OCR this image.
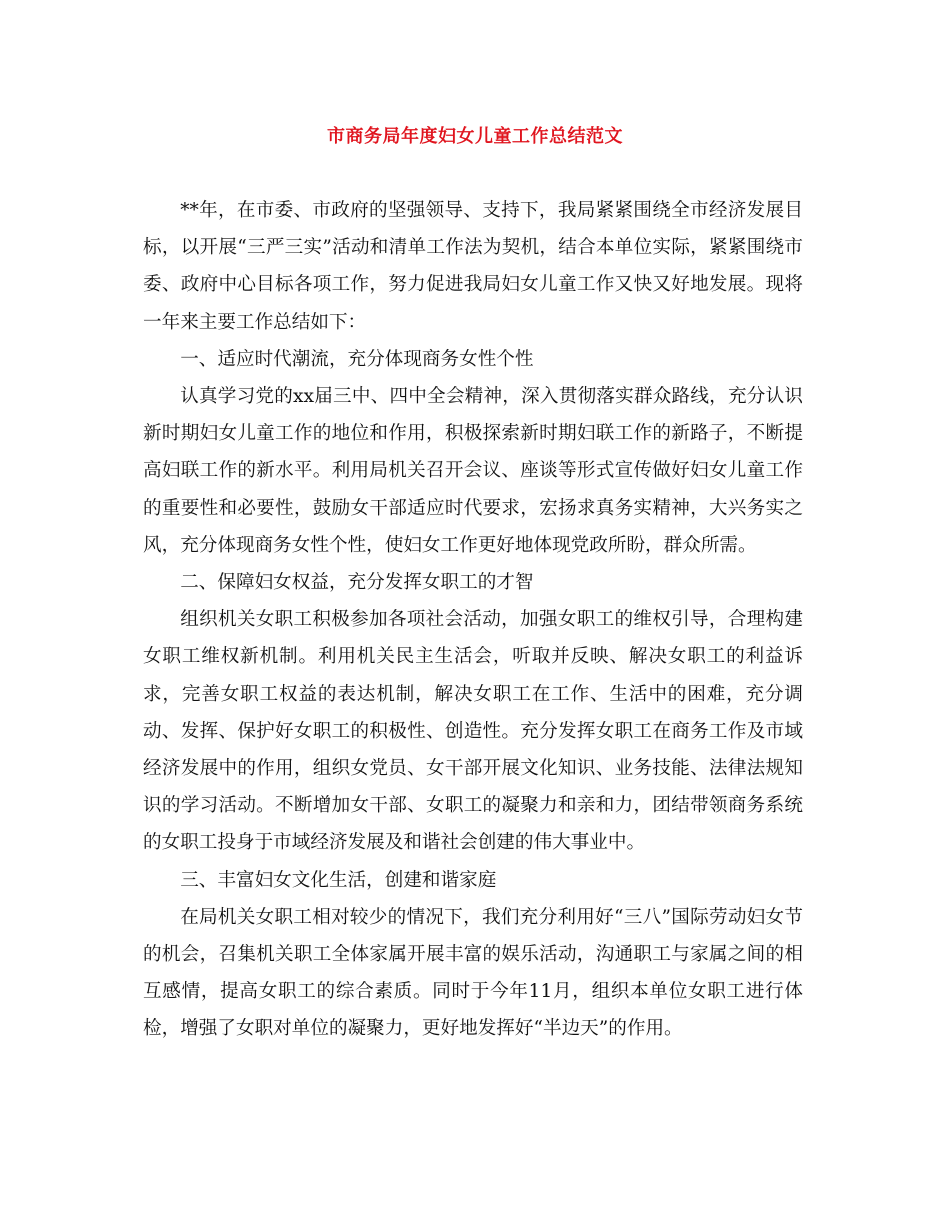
市商务局年度妇女儿童工作总结范文

**年，在市委、市政府的坚强领导、支持下，我局紧紧围绕全市经济发展目标，以开展“三严三实”活动和清单工作法为契机，结合本单位实际，紧紧围绕市委、政府中心目标各项工作，努力促进我局妇女儿童工作又快又好地发展。现将一年来主要工作总结如下：

一、适应时代潮流，充分体现商务女性个性

认真学习党的xx届三中、四中全会精神，深入贯彻落实群众路线，充分认识新时期妇女儿童工作的地位和作用，积极探索新时期妇联工作的新路子，不断提高妇联工作的新水平。利用局机关召开会议、座谈等形式宣传做好妇女儿童工作的重要性和必要性，鼓励女干部适应时代要求，宏扬求真务实精神，大兴务实之风，充分体现商务女性个性，使妇女工作更好地体现党政所盼，群众所需。

二、保障妇女权益，充分发挥女职工的才智

组织机关女职工积极参加各项社会活动，加强女职工的维权引导，合理构建女职工维权新机制。利用机关民主生活会，听取并反映、解决女职工的利益诉求，完善女职工权益的表达机制，解决女职工在工作、生活中的困难，充分调动、发挥、保护好女职工的积极性、创造性。充分发挥女职工在商务工作及市域经济发展中的作用，组织女党员、女干部开展文化知识、业务技能、法律法规知识的学习活动。不断增加女干部、女职工的凝聚力和亲和力，团结带领商务系统的女职工投身于市域经济发展及和谐社会创建的伟大事业中。

三、丰富妇女文化生活，创建和谐家庭

在局机关女职工相对较少的情况下，我们充分利用好“三八”国际劳动妇女节的机会，召集机关职工全体家属开展丰富的娱乐活动，沟通职工与家属之间的相互感情，提高女职工的综合素质。同时于今年11月，组织本单位女职工进行体检，增强了女职对单位的凝聚力，更好地发挥好“半边天”的作用。
